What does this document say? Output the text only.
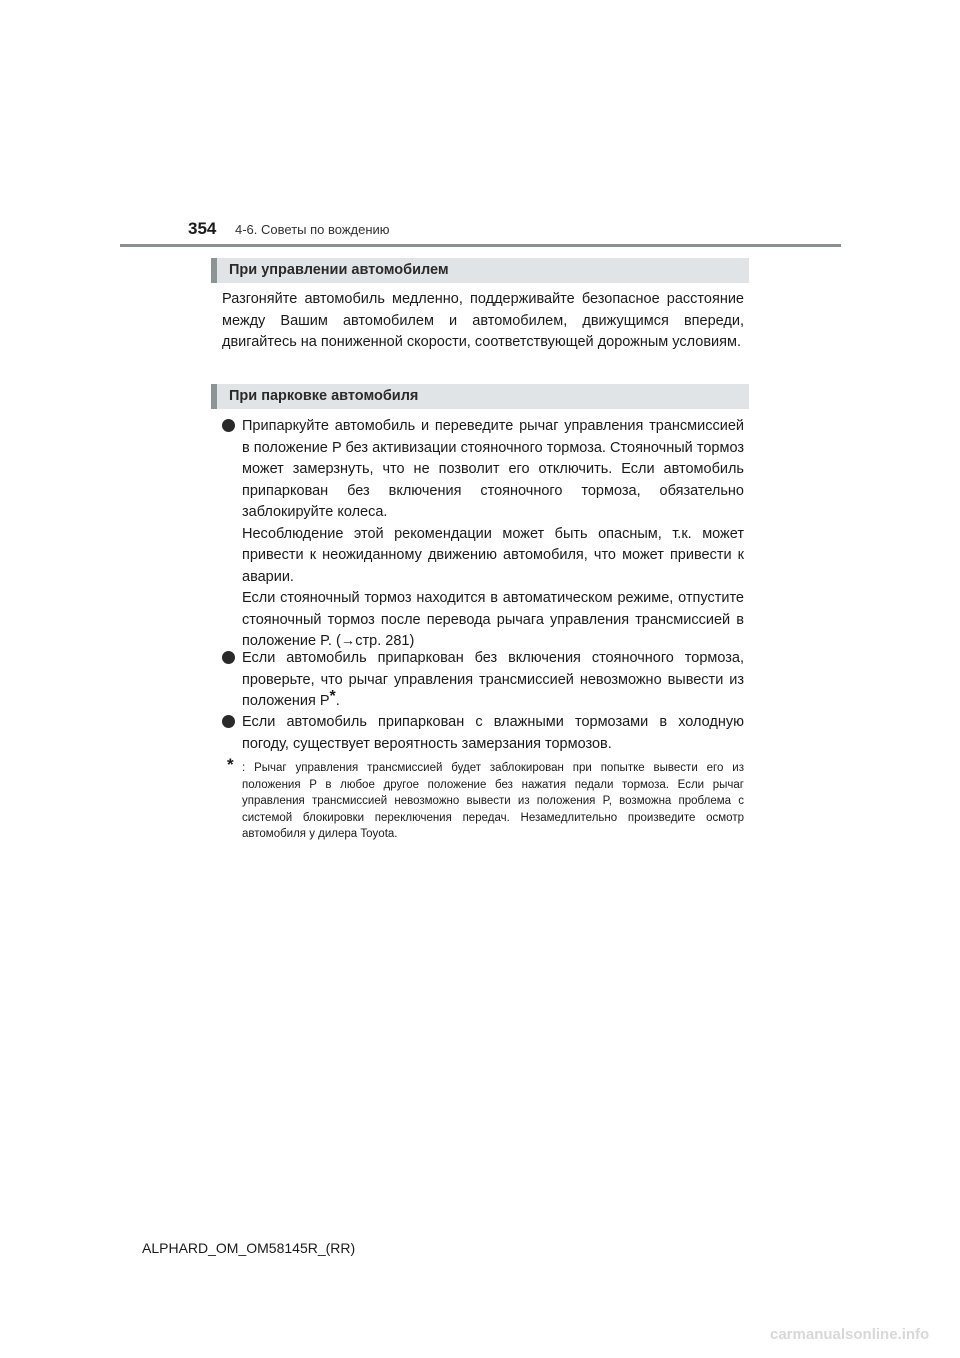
354 4-6. Советы по вождению
При управлении автомобилем
Разгоняйте автомобиль медленно, поддерживайте безопасное расстояние между Вашим автомобилем и автомобилем, движущимся впереди, двигайтесь на пониженной скорости, соответствующей дорожным условиям.
При парковке автомобиля

Припаркуйте автомобиль и переведите рычаг управления трансмиссией в положение P без активизации стояночного тормоза. Стояночный тормоз может замерзнуть, что не позволит его отключить. Если автомобиль припаркован без включения стояночного тормоза, обязательно заблокируйте колеса.

Несоблюдение этой рекомендации может быть опасным, т.к. может привести к неожиданному движению автомобиля, что может привести к аварии.

Если стояночный тормоз находится в автоматическом режиме, отпустите стояночный тормоз после перевода рычага управления трансмиссией в положение P. (→стр. 281)

Если автомобиль припаркован без включения стояночного тормоза, проверьте, что рычаг управления трансмиссией невозможно вывести из положения P*.
Если автомобиль припаркован с влажными тормозами в холодную погоду, существует вероятность замерзания тормозов.
* : Рычаг управления трансмиссией будет заблокирован при попытке вывести его из положения P в любое другое положение без нажатия педали тормоза. Если рычаг управления трансмиссией невозможно вывести из положения P, возможна проблема с системой блокировки переключения передач. Незамедлительно произведите осмотр автомобиля у дилера Toyota.
ALPHARD_OM_OM58145R_(RR)
carmanualsonline.info
